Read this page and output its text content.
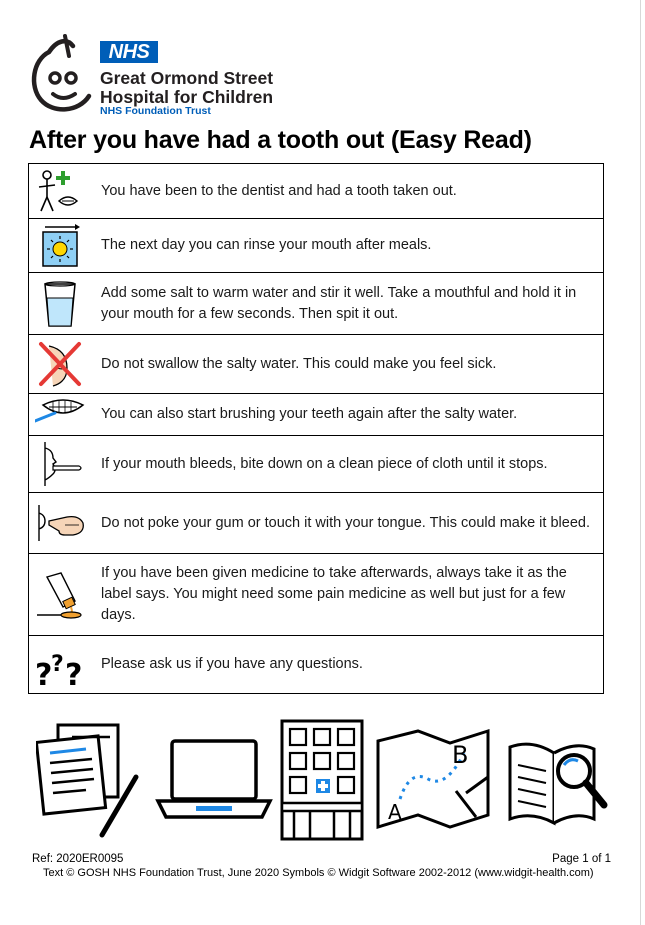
NHS
Great Ormond Street
Hospital for Children
NHS Foundation Trust
After you have had a tooth out (Easy Read)
You have been to the dentist and had a tooth taken out.
The next day you can rinse your mouth after meals.
Add some salt to warm water and stir it well. Take a mouthful and hold it in your mouth for a few seconds. Then spit it out.
Do not swallow the salty water. This could make you feel sick.
You can also start brushing your teeth again after the salty water.
If your mouth bleeds, bite down on a clean piece of cloth until it stops.
Do not poke your gum or touch it with your tongue. This could make it bleed.
If you have been given medicine to take afterwards, always take it as the label says. You might need some pain medicine as well but just for a few days.
?
? ? Please ask us if you have any questions.
A
B
Ref: 2020ER0095	Page 1 of 1
Text © GOSH NHS Foundation Trust, June 2020 Symbols © Widgit Software 2002-2012 (www.widgit-health.com)
